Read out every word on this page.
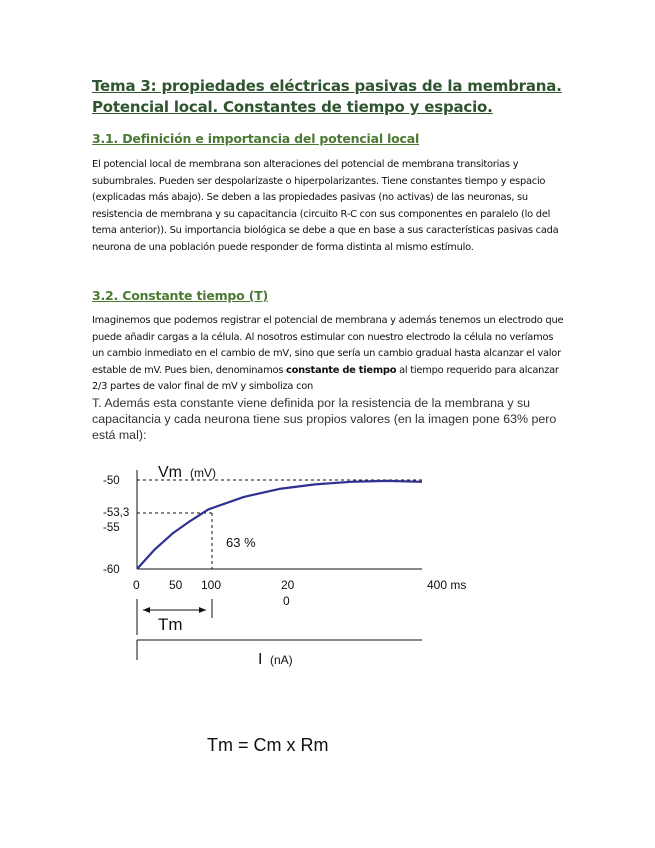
Tema 3: propiedades eléctricas pasivas de la membrana. Potencial local. Constantes de tiempo y espacio.
3.1. Definición e importancia del potencial local
El potencial local de membrana son alteraciones del potencial de membrana transitorias y subumbrales. Pueden ser despolarizaste o hiperpolarizantes. Tiene constantes tiempo y espacio (explicadas más abajo). Se deben a las propiedades pasivas (no activas) de las neuronas, su resistencia de membrana y su capacitancia (circuito R-C con sus componentes en paralelo (lo del tema anterior)). Su importancia biológica se debe a que en base a sus características pasivas cada neurona de una población puede responder de forma distinta al mismo estímulo.
3.2. Constante tiempo (T)
Imaginemos que podemos registrar el potencial de membrana y además tenemos un electrodo que puede añadir cargas a la célula. Al nosotros estimular con nuestro electrodo la célula no veríamos un cambio inmediato en el cambio de mV, sino que sería un cambio gradual hasta alcanzar el valor estable de mV. Pues bien, denominamos constante de tiempo al tiempo requerido para alcanzar 2/3 partes de valor final de mV y simboliza con
T. Además esta constante viene definida por la resistencia de la membrana y su capacitancia y cada neurona tiene sus propios valores (en la imagen pone 63% pero está mal):
Vm (mV)
-50
-53,3
-55
-60
0 50 100	20	400 ms
0
63 %
Tm
I (nA)
Tm = Cm x Rm
